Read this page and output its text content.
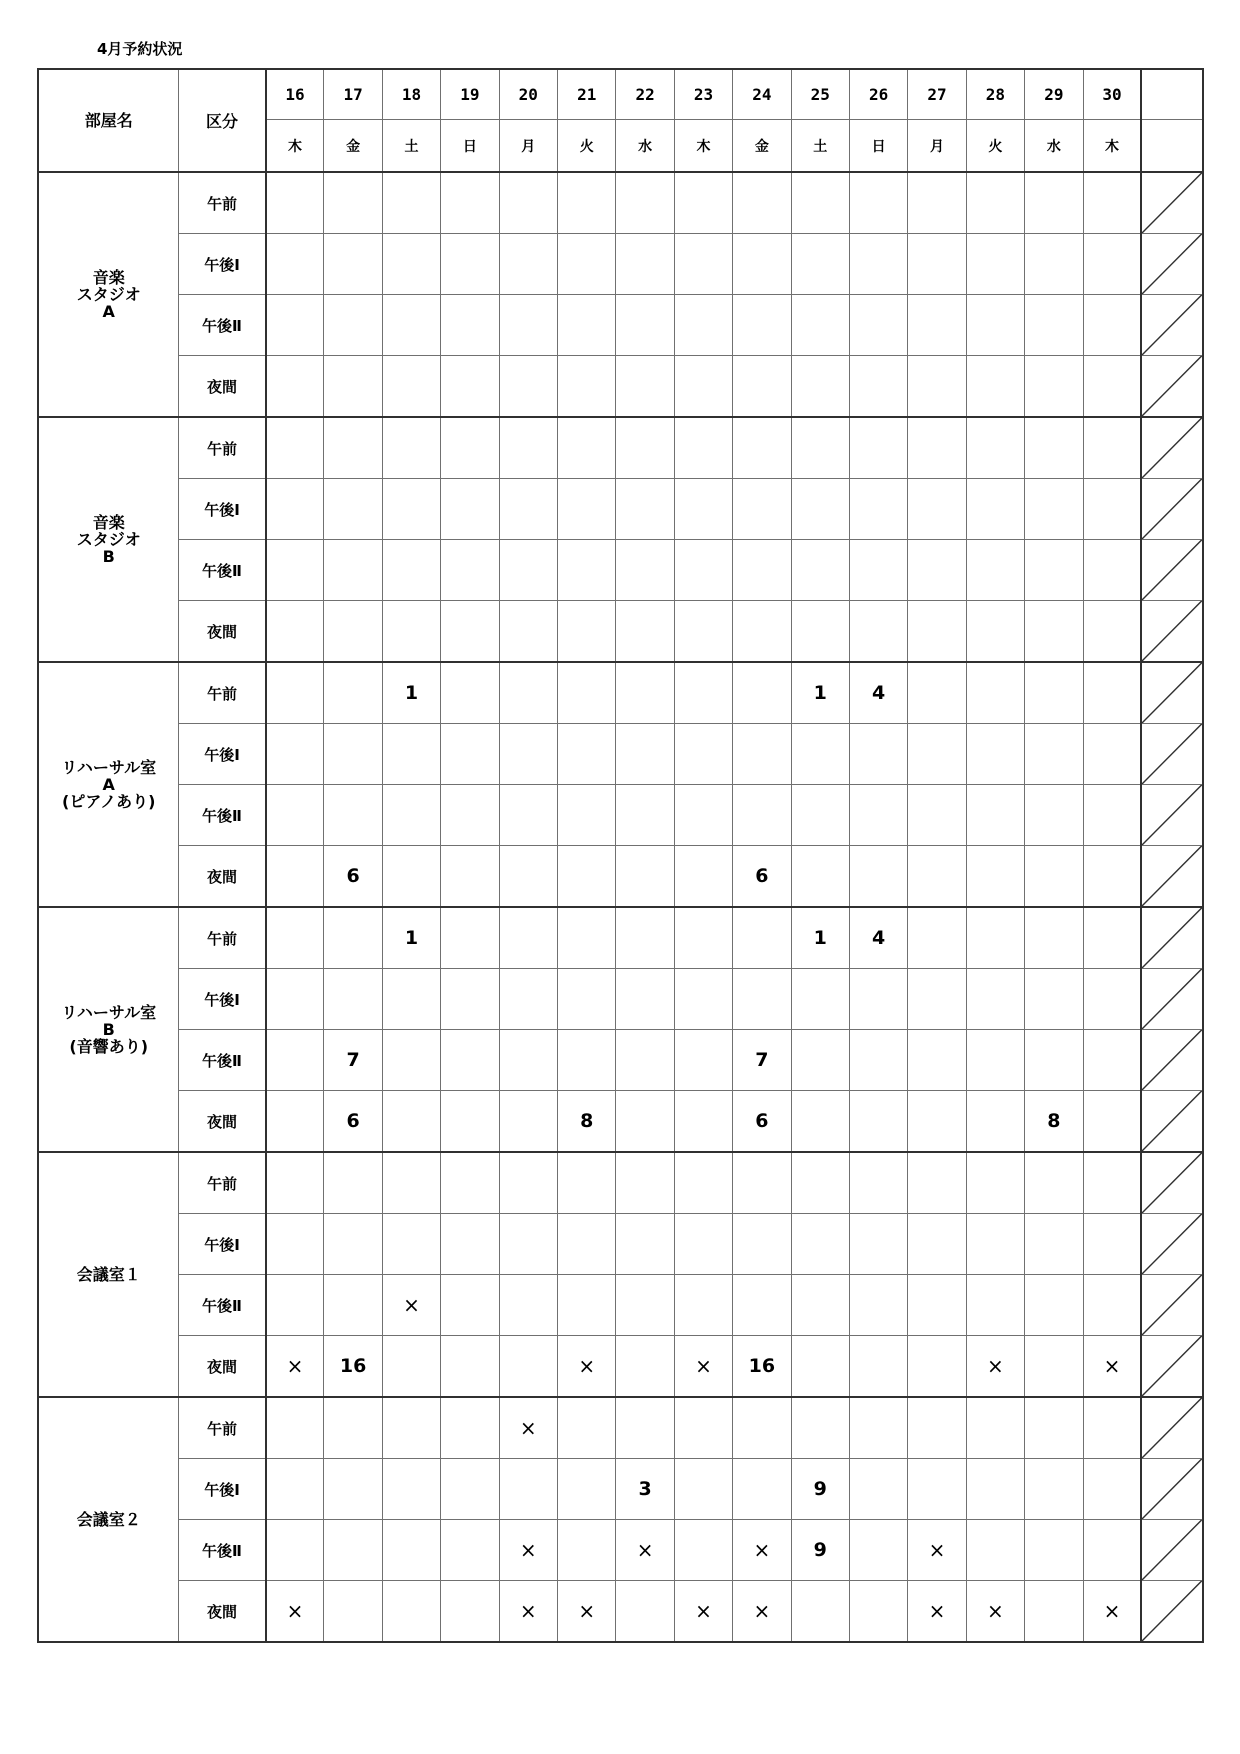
4月予約状況
部屋名	区分	16	17	18	19	20	21	22	23	24	25	26	27	28	29	30	
		木	金	土	日	月	火	水	木	金	土	日	月	火	水	木	
音楽
スタジオ
A	午前																

	午後Ⅰ																

	午後Ⅱ																

	夜間																

音楽
スタジオ
B	午前																

	午後Ⅰ																

	午後Ⅱ																

	夜間																

リハーサル室
A
(ピアノあり)	午前			1							1	4					

	午後Ⅰ																

	午後Ⅱ																

	夜間		6							6							

リハーサル室
B
(音響あり)	午前			1							1	4					

	午後Ⅰ																

	午後Ⅱ		7							7							

	夜間		6				8			6					8		

会議室１	午前																

	午後Ⅰ																

	午後Ⅱ			×													

	夜間	×	16				×		×	16				×		×	

会議室２	午前					×											

	午後Ⅰ							3			9						

	午後Ⅱ					×		×		×	9		×				

	夜間	×				×	×		×	×			×	×		×	
